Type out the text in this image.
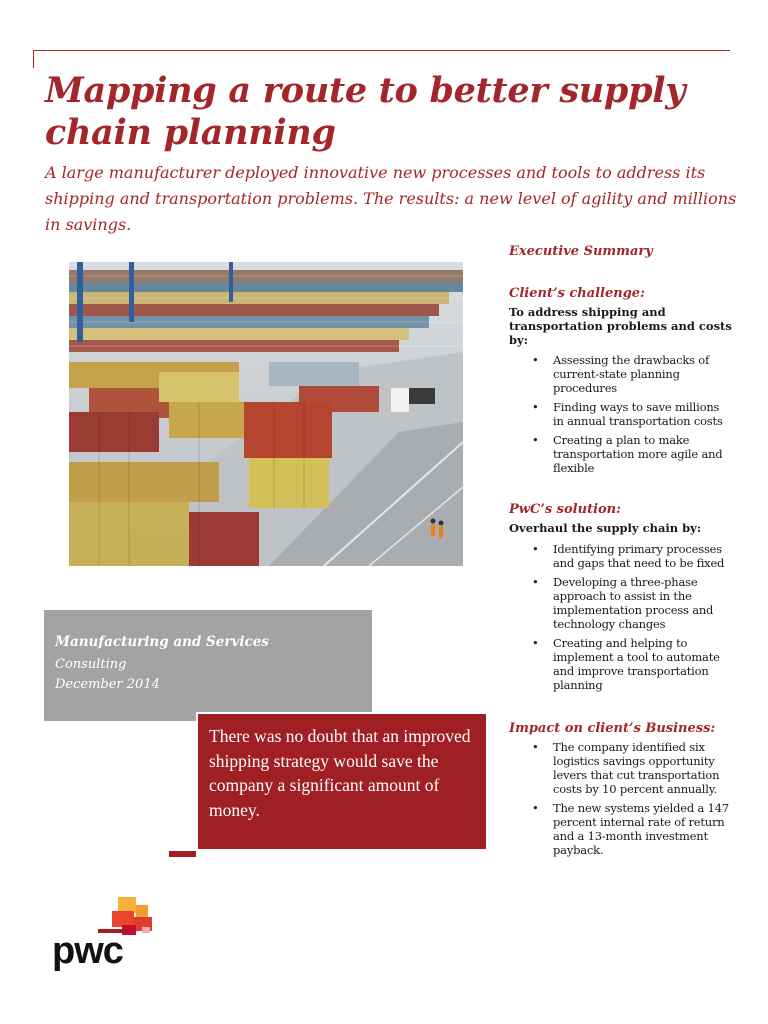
Mapping a route to better supply chain planning

A large manufacturer deployed innovative new processes and tools to address its shipping and transportation problems. The results: a new level of agility and millions in savings.

Manufacturing and Services
Consulting
December 2014

There was no doubt that an improved shipping strategy would save the company a significant amount of money.

Executive Summary
Client’s challenge:

To address shipping and transportation problems and costs by:

• Assessing the drawbacks of current-state planning procedures
• Finding ways to save millions in annual transportation costs
• Creating a plan to make transportation more agile and flexible
PwC’s solution:

Overhaul the supply chain by:

• Identifying primary processes and gaps that need to be fixed
• Developing a three-phase approach to assist in the implementation process and technology changes
• Creating and helping to implement a tool to automate and improve transportation planning
Impact on client’s Business:
• The company identified six logistics savings opportunity levers that cut transportation costs by 10 percent annually.
• The new systems yielded a 147 percent internal rate of return and a 13-month investment payback.
pwc
